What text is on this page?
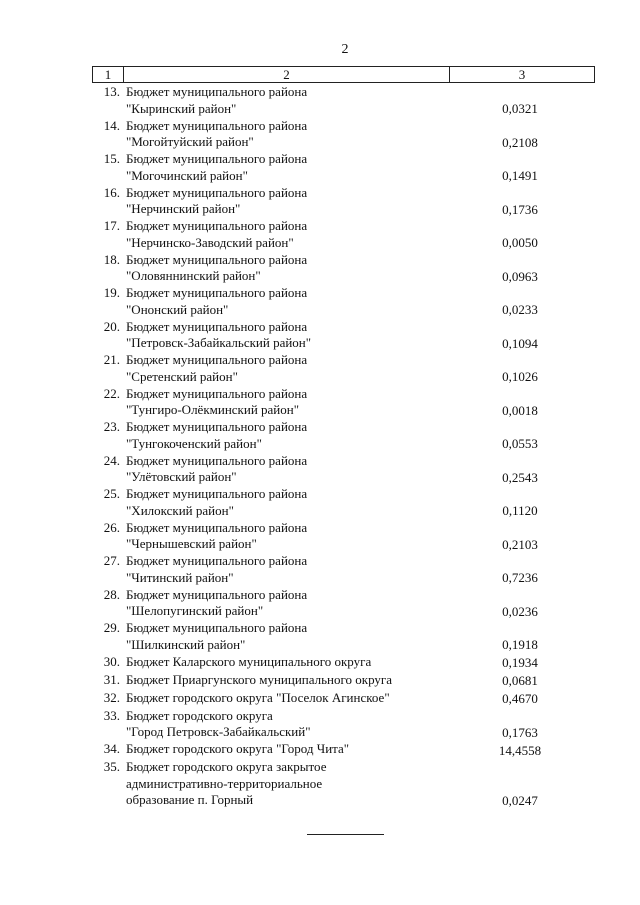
2
1	2	3
13. Бюджет муниципального района
"Кыринский район"	0,0321
14. Бюджет муниципального района
"Могойтуйский район"	0,2108
15. Бюджет муниципального района
"Могочинский район"	0,1491
16. Бюджет муниципального района
"Нерчинский район"	0,1736
17. Бюджет муниципального района
"Нерчинско-Заводский район"	0,0050
18. Бюджет муниципального района
"Оловяннинский район"	0,0963
19. Бюджет муниципального района
"Ононский район"	0,0233
20. Бюджет муниципального района
"Петровск-Забайкальский район"	0,1094
21. Бюджет муниципального района
"Сретенский район"	0,1026
22. Бюджет муниципального района
"Тунгиро-Олёкминский район"	0,0018
23. Бюджет муниципального района
"Тунгокоченский район"	0,0553
24. Бюджет муниципального района
"Улётовский район"	0,2543
25. Бюджет муниципального района
"Хилокский район"	0,1120
26. Бюджет муниципального района
"Чернышевский район"	0,2103
27. Бюджет муниципального района
"Читинский район"	0,7236
28. Бюджет муниципального района
"Шелопугинский район"	0,0236
29. Бюджет муниципального района
"Шилкинский район"	0,1918
30. Бюджет Каларского муниципального округа	0,1934
31. Бюджет Приаргунского муниципального округа	0,0681
32. Бюджет городского округа "Поселок Агинское"	0,4670
33. Бюджет городского округа
"Город Петровск-Забайкальский"	0,1763
34. Бюджет городского округа "Город Чита"	14,4558
35. Бюджет городского округа закрытое
административно-территориальное
образование п. Горный	0,0247
